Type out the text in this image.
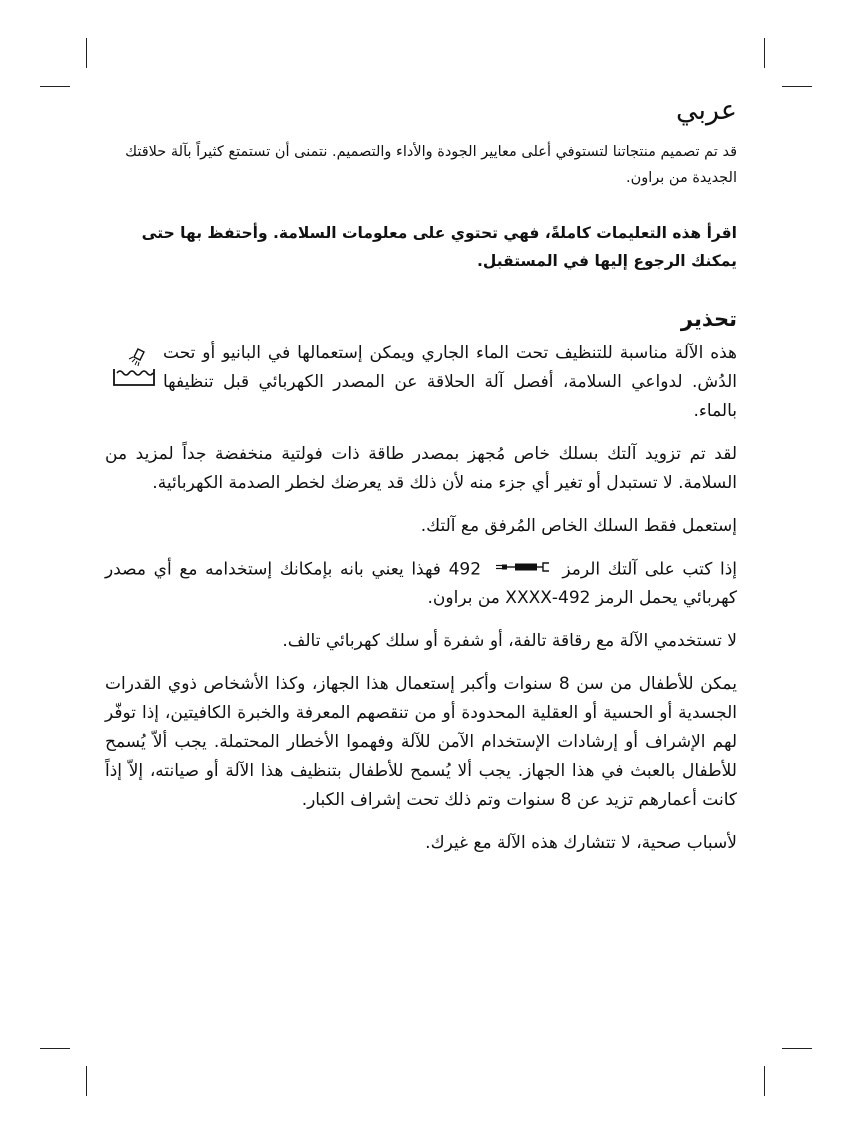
عربي

قد تم تصميم منتجاتنا لتستوفي أعلى معايير الجودة والأداء والتصميم. نتمنى أن تستمتع كثيراً بآلة حلاقتك الجديدة من براون.

اقرأ هذه التعليمات كاملةً، فهي تحتوي على معلومات السلامة. وأحتفظ بها حتى يمكنك الرجوع إليها في المستقبل.

تحذير

هذه الآلة مناسبة للتنظيف تحت الماء الجاري ويمكن إستعمالها في البانيو أو تحت الدُش. لدواعي السلامة، أفصل آلة الحلاقة عن المصدر الكهربائي قبل تنظيفها بالماء.

لقد تم تزويد آلتك بسلك خاص مُجهز بمصدر طاقة ذات فولتية منخفضة جداً لمزيد من السلامة. لا تستبدل أو تغير أي جزء منه لأن ذلك قد يعرضك لخطر الصدمة الكهربائية.

إستعمل فقط السلك الخاص المُرفق مع آلتك.

إذا كتب على آلتك الرمز  492 فهذا يعني بانه بإمكانك إستخدامه مع أي مصدر كهربائي يحمل الرمز 492-XXXX من براون.

لا تستخدمي الآلة مع رقاقة تالفة، أو شفرة أو سلك كهربائي تالف.

يمكن للأطفال من سن 8 سنوات وأكبر إستعمال هذا الجهاز، وكذا الأشخاص ذوي القدرات الجسدية أو الحسية أو العقلية المحدودة أو من تنقصهم المعرفة والخبرة الكافيتين، إذا توفّر لهم الإشراف أو إرشادات الإستخدام الآمن للآلة وفهموا الأخطار المحتملة. يجب ألاّ يُسمح للأطفال بالعبث في هذا الجهاز. يجب ألا يُسمح للأطفال بتنظيف هذا الآلة أو صيانته، إلاّ إذاً كانت أعمارهم تزيد عن 8 سنوات وتم ذلك تحت إشراف الكبار.

لأسباب صحية، لا تتشارك هذه الآلة مع غيرك.
